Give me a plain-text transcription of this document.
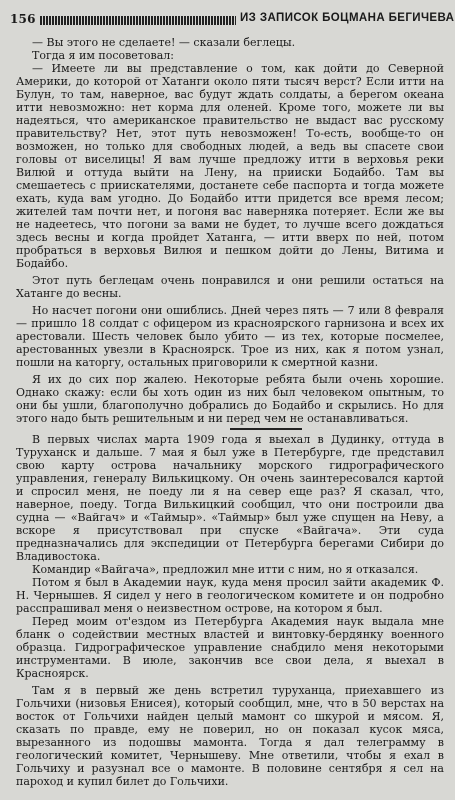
156	ИЗ ЗАПИСОК БОЦМАНА БЕГИЧЕВА

— Вы этого не сделаете! — сказали беглецы.

Тогда я им посоветовал:

— Имеете ли вы представление о том, как дойти до Северной Америки, до которой от Хатанги около пяти тысяч верст? Если итти на Булун, то там, наверное, вас будут ждать солдаты, а берегом океана итти невозможно: нет корма для оленей. Кроме того, можете ли вы надеяться, что американское правительство не выдаст вас русскому правительству? Нет, этот путь невозможен! То-есть, вообще-то он возможен, но только для свободных людей, а ведь вы спасете свои головы от виселицы! Я вам лучше предложу итти в верховья реки Вилюй и оттуда выйти на Лену, на прииски Бодайбо. Там вы смешаетесь с приискателями, достанете себе паспорта и тогда можете ехать, куда вам угодно. До Бодайбо итти придется все время лесом; жителей там почти нет, и погоня вас наверняка потеряет. Если же вы не надеетесь, что погони за вами не будет, то лучше всего дождаться здесь весны и когда пройдет Хатанга, — итти вверх по ней, потом пробраться в верховья Вилюя и пешком дойти до Лены, Витима и Бодайбо.

Этот путь беглецам очень понравился и они решили остаться на Хатанге до весны.

Но насчет погони они ошиблись. Дней через пять — 7 или 8 февраля — пришло 18 солдат с офицером из красноярского гарнизона и всех их арестовали. Шесть человек было убито — из тех, которые посмелее, арестованных увезли в Красноярск. Трое из них, как я потом узнал, пошли на каторгу, остальных приговорили к смертной казни.

Я их до сих пор жалею. Некоторые ребята были очень хорошие. Однако скажу: если бы хоть один из них был человеком опытным, то они бы ушли, благополучно добрались до Бодайбо и скрылись. Но для этого надо быть решительным и ни перед чем не останавливаться.

В первых числах марта 1909 года я выехал в Дудинку, оттуда в Туруханск и дальше. 7 мая я был уже в Петербурге, где представил свою карту острова начальнику морского гидрографического управления, генералу Вилькицкому. Он очень заинтересовался картой и спросил меня, не поеду ли я на север еще раз? Я сказал, что, наверное, поеду. Тогда Вилькицкий сообщил, что они построили два судна — «Вайгач» и «Таймыр». «Таймыр» был уже спущен на Неву, а вскоре я присутствовал при спуске «Вайгача». Эти суда предназначались для экспедиции от Петербурга берегами Сибири до Владивостока.

Командир «Вайгача», предложил мне итти с ним, но я отказался.

Потом я был в Академии наук, куда меня просил зайти академик Ф. Н. Чернышев. Я сидел у него в геологическом комитете и он подробно расспрашивал меня о неизвестном острове, на котором я был.

Перед моим от'ездом из Петербурга Академия наук выдала мне бланк о содействии местных властей и винтовку-бердянку военного образца. Гидрографическое управление снабдило меня некоторыми инструментами. В июле, закончив все свои дела, я выехал в Красноярск.

Там я в первый же день встретил туруханца, приехавшего из Гольчихи (низовья Енисея), который сообщил, мне, что в 50 верстах на восток от Гольчихи найден целый мамонт со шкурой и мясом. Я, сказать по правде, ему не поверил, но он показал кусок мяса, вырезанного из подошвы мамонта. Тогда я дал телеграмму в геологический комитет, Чернышеву. Мне ответили, чтобы я ехал в Гольчиху и разузнал все о мамонте. В половине сентября я сел на пароход и купил билет до Гольчихи.
